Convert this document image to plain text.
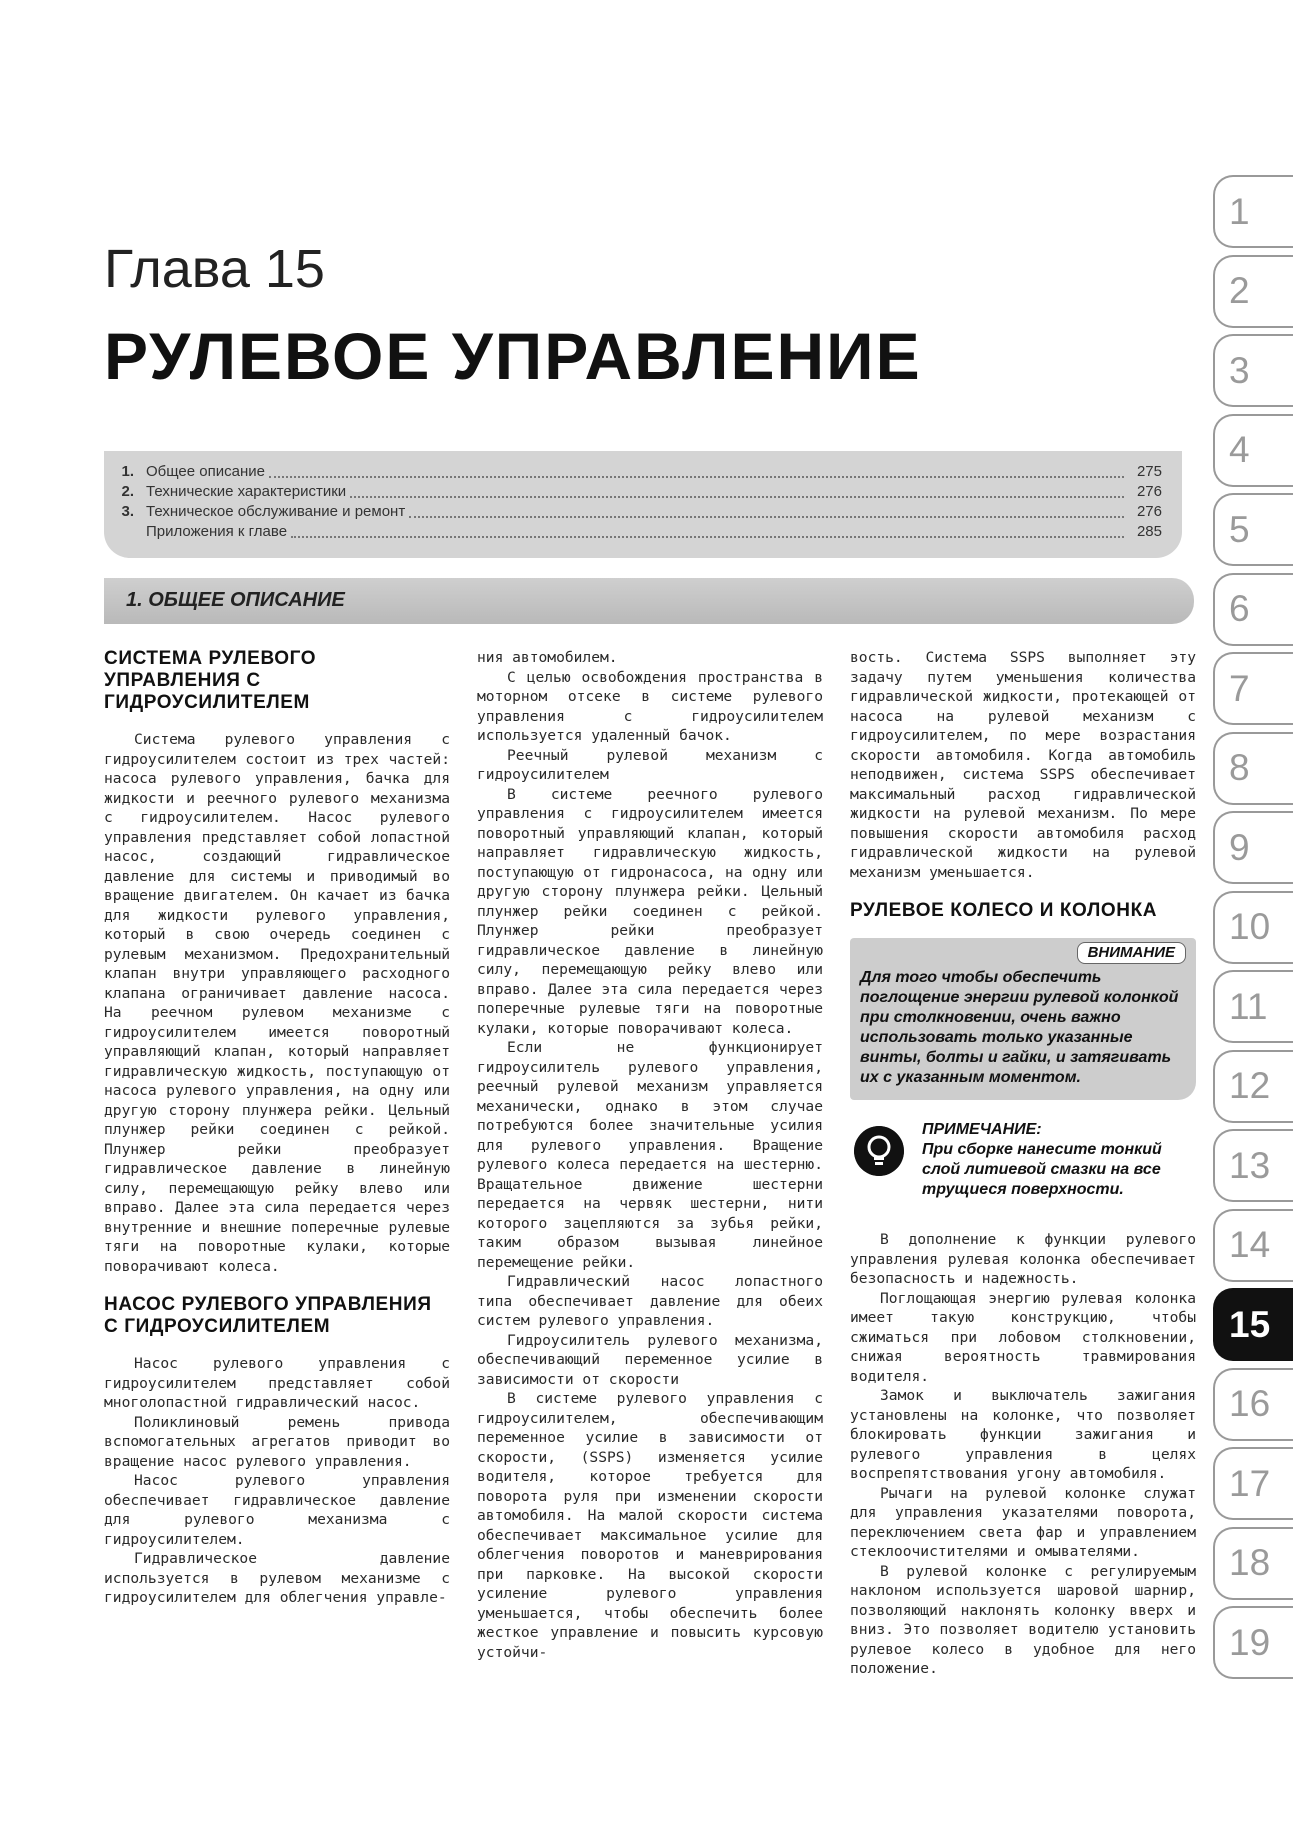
Глава 15
РУЛЕВОЕ УПРАВЛЕНИЕ
1. Общее описание	275
2. Технические характеристики	276
3. Техническое обслуживание и ремонт	276
Приложения к главе	285
1. ОБЩЕЕ ОПИСАНИЕ
СИСТЕМА РУЛЕВОГО УПРАВЛЕНИЯ С ГИДРОУСИЛИТЕЛЕМ

Система рулевого управления с гидроусилителем состоит из трех частей: насоса рулевого управления, бачка для жидкости и реечного рулевого механизма с гидроусилителем. Насос рулевого управления представляет собой лопастной насос, создающий гидравлическое давление для системы и приводимый во вращение двигателем. Он качает из бачка для жидкости рулевого управления, который в свою очередь соединен с рулевым механизмом. Предохранительный клапан внутри управляющего расходного клапана ограничивает давление насоса. На реечном рулевом механизме с гидроусилителем имеется поворотный управляющий клапан, который направляет гидравлическую жидкость, поступающую от насоса рулевого управления, на одну или другую сторону плунжера рейки. Цельный плунжер рейки соединен с рейкой. Плунжер рейки преобразует гидравлическое давление в линейную силу, перемещающую рейку влево или вправо. Далее эта сила передается через внутренние и внешние поперечные рулевые тяги на поворотные кулаки, которые поворачивают колеса.

НАСОС РУЛЕВОГО УПРАВЛЕНИЯ С ГИДРОУСИЛИТЕЛЕМ

Насос рулевого управления с гидроусилителем представляет собой многолопастной гидравлический насос.

Поликлиновый ремень привода вспомогательных агрегатов приводит во вращение насос рулевого управления.

Насос рулевого управления обеспечивает гидравлическое давление для рулевого механизма с гидроусилителем.

Гидравлическое давление используется в рулевом механизме с гидроусилителем для облегчения управле-

ния автомобилем.

С целью освобождения пространства в моторном отсеке в системе рулевого управления с гидроусилителем используется удаленный бачок.

Реечный рулевой механизм с гидроусилителем

В системе реечного рулевого управления с гидроусилителем имеется поворотный управляющий клапан, который направляет гидравлическую жидкость, поступающую от гидронасоса, на одну или другую сторону плунжера рейки. Цельный плунжер рейки соединен с рейкой. Плунжер рейки преобразует гидравлическое давление в линейную силу, перемещающую рейку влево или вправо. Далее эта сила передается через поперечные рулевые тяги на поворотные кулаки, которые поворачивают колеса.

Если не функционирует гидроусилитель рулевого управления, реечный рулевой механизм управляется механически, однако в этом случае потребуются более значительные усилия для рулевого управления. Вращение рулевого колеса передается на шестерню. Вращательное движение шестерни передается на червяк шестерни, нити которого зацепляются за зубья рейки, таким образом вызывая линейное перемещение рейки.

Гидравлический насос лопастного типа обеспечивает давление для обеих систем рулевого управления.

Гидроусилитель рулевого механизма, обеспечивающий переменное усилие в зависимости от скорости

В системе рулевого управления с гидроусилителем, обеспечивающим переменное усилие в зависимости от скорости, (SSPS) изменяется усилие водителя, которое требуется для поворота руля при изменении скорости автомобиля. На малой скорости система обеспечивает максимальное усилие для облегчения поворотов и маневрирования при парковке. На высокой скорости усиление рулевого управления уменьшается, чтобы обеспечить более жесткое управление и повысить курсовую устойчи-

вость. Система SSPS выполняет эту задачу путем уменьшения количества гидравлической жидкости, протекающей от насоса на рулевой механизм с гидроусилителем, по мере возрастания скорости автомобиля. Когда автомобиль неподвижен, система SSPS обеспечивает максимальный расход гидравлической жидкости на рулевой механизм. По мере повышения скорости автомобиля расход гидравлической жидкости на рулевой механизм уменьшается.

РУЛЕВОЕ КОЛЕСО И КОЛОНКА
ВНИМАНИЕ
Для того чтобы обеспечить поглощение энергии рулевой колонкой при столкновении, очень важно использовать только указанные винты, болты и гайки, и затягивать их с указанным моментом.
ПРИМЕЧАНИЕ:
При сборке нанесите тонкий слой литиевой смазки на все трущиеся поверхности.

В дополнение к функции рулевого управления рулевая колонка обеспечивает безопасность и надежность.

Поглощающая энергию рулевая колонка имеет такую конструкцию, чтобы сжиматься при лобовом столкновении, снижая вероятность травмирования водителя.

Замок и выключатель зажигания установлены на колонке, что позволяет блокировать функции зажигания и рулевого управления в целях воспрепятствования угону автомобиля.

Рычаги на рулевой колонке служат для управления указателями поворота, переключением света фар и управлением стеклоочистителями и омывателями.

В рулевой колонке с регулируемым наклоном используется шаровой шарнир, позволяющий наклонять колонку вверх и вниз. Это позволяет водителю установить рулевое колесо в удобное для него положение.

1
2
3
4
5
6
7
8
9
10
11
12
13
14
15
16
17
18
19
